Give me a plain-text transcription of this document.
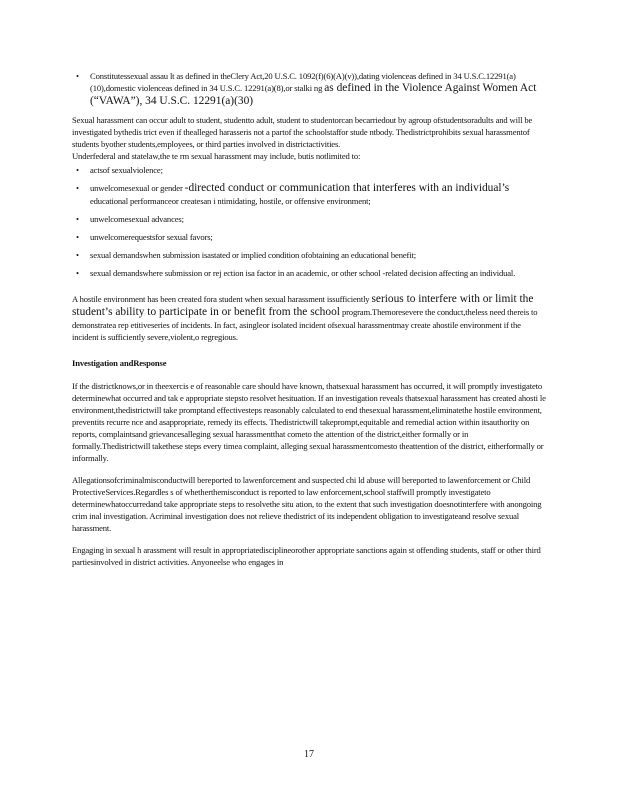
• Constitutessexual assau lt as defined in theClery Act,20 U.S.C. 1092(f)(6)(A)(v)),dating violenceas defined in 34 U.S.C.12291(a)(10),domestic violenceas defined in 34 U.S.C. 12291(a)(8),or stalki ng as defined in the Violence Against Women Act (“VAWA”), 34 U.S.C. 12291(a)(30)

Sexual harassment can occur adult to student, studentto adult, student to studentorcan becarriedout by agroup ofstudentsoradults and will be investigated bythedis trict even if thealleged harasseris not a partof the schoolstaffor stude ntbody. Thedistrictprohibits sexual harassmentof students byother students,employees, or third parties involved in districtactivities.

Underfederal and statelaw,the te rm sexual harassment may include, butis notlimited to:

• actsof sexualviolence;
• unwelcomesexual or gender -directed conduct or communication that interferes with an individual’s educational performanceor createsan i ntimidating, hostile, or offensive environment;
• unwelcomesexual advances;
• unwelcomerequestsfor sexual favors;
• sexual demandswhen submission isastated or implied condition ofobtaining an educational benefit;
• sexual demandswhere submission or rej ection isa factor in an academic, or other school -related decision affecting an individual.

A hostile environment has been created fora student when sexual harassment issufficiently serious to interfere with or limit the student’s ability to participate in or benefit from the school program.Themoresevere the conduct,theless need thereis to demonstratea rep etitiveseries of incidents. In fact, asingleor isolated incident ofsexual harassmentmay create ahostile environment if the incident is sufficiently severe,violent,o regregious.

Investigation andResponse

If the districtknows,or in theexercis e of reasonable care should have known, thatsexual harassment has occurred, it will promptly investigateto determinewhat occurred and tak e appropriate stepsto resolvet hesituation. If an investigation reveals thatsexual harassment has created ahosti le environment,thedistrictwill take promptand effectivesteps reasonably calculated to end thesexual harassment,eliminatethe hostile environment, preventits recurre nce and asappropriate, remedy its effects. Thedistrictwill takeprompt,equitable and remedial action within itsauthority on reports, complaintsand grievancesalleging sexual harassmentthat cometo the attention of the district,either formally or in formally.Thedistrictwill takethese steps every timea complaint, alleging sexual harassmentcomesto theattention of the district, eitherformally or informally.

Allegationsofcriminalmisconductwill bereported to lawenforcement and suspected chi ld abuse will bereported to lawenforcement or Child ProtectiveServices.Regardles s of whetherthemisconduct is reported to law enforcement,school staffwill promptly investigateto determinewhatoccurredand take appropriate steps to resolvethe situ ation, to the extent that such investigation doesnotinterfere with anongoing crim inal investigation. Acriminal investigation does not relieve thedistrict of its independent obligation to investigateand resolve sexual harassment.

Engaging in sexual h arassment will result in appropriatedisciplineorother appropriate sanctions again st offending students, staff or other third partiesinvolved in district activities. Anyoneelse who engages in

17
